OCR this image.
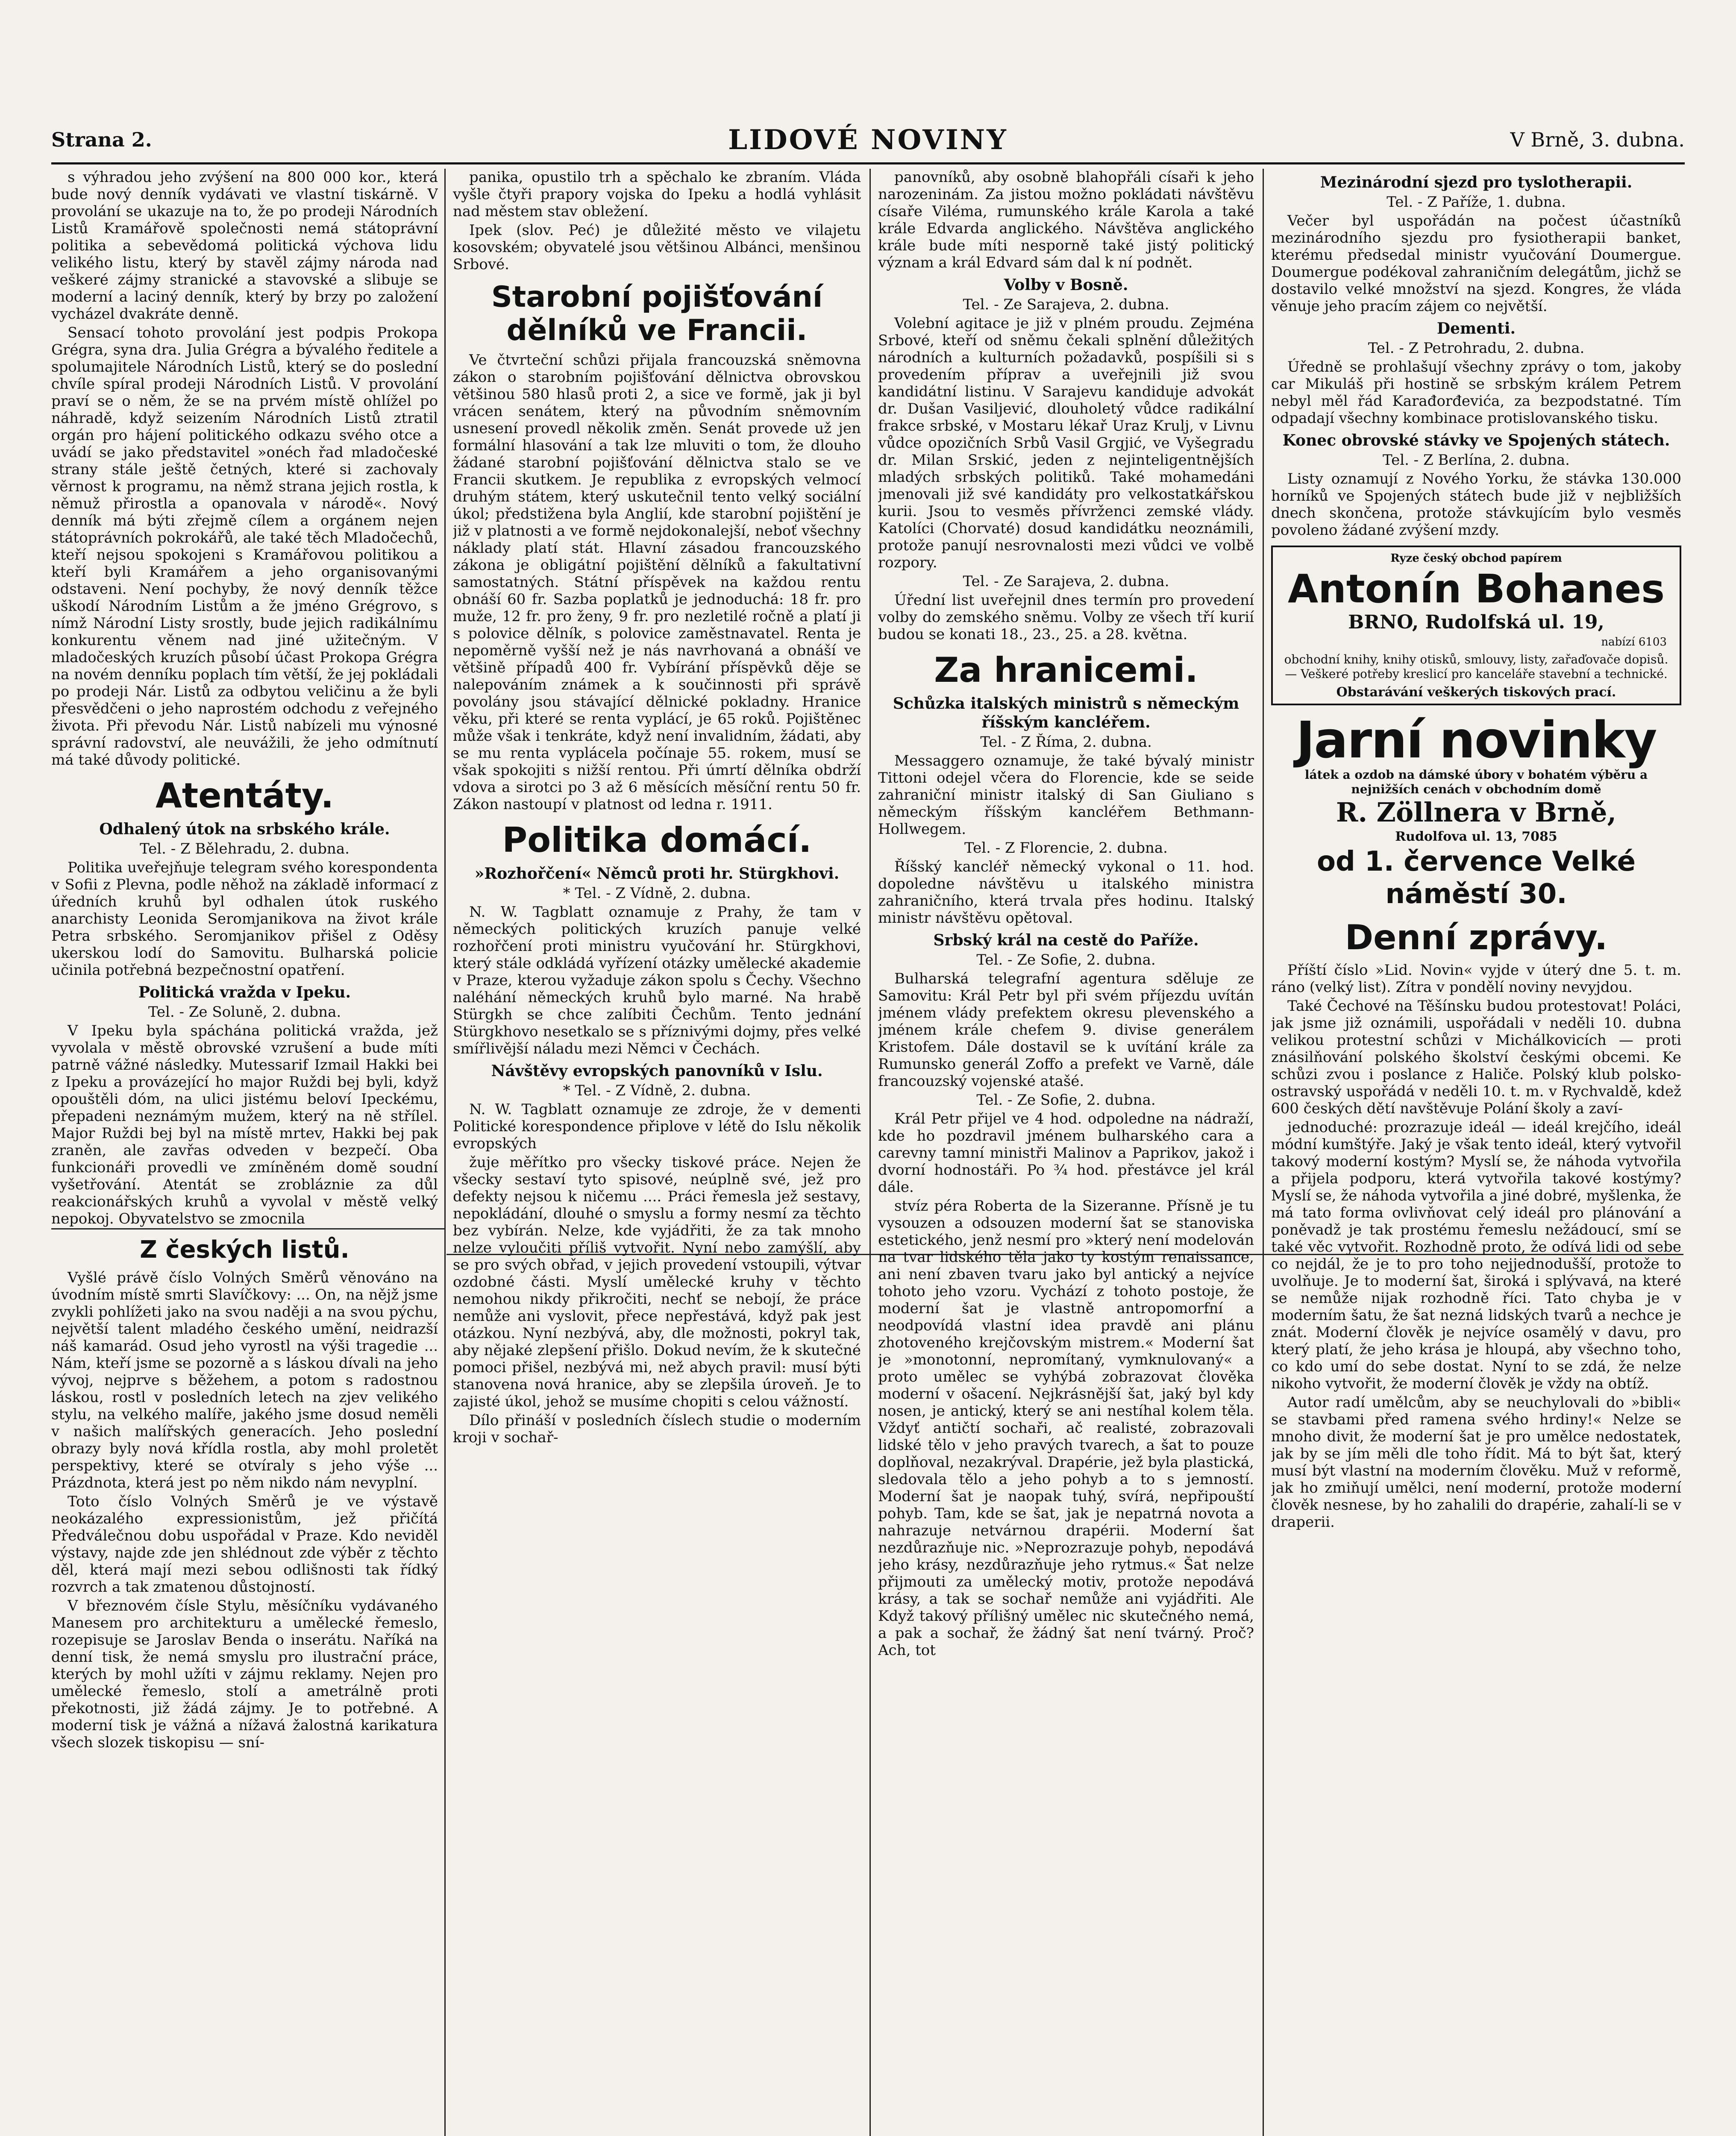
Strana 2.	LIDOVÉ NOVINY	V Brně, 3. dubna.

s výhradou jeho zvýšení na 800 000 kor., která bude nový denník vydávati ve vlastní tiskárně. V provolání se ukazuje na to, že po prodeji Národních Listů Kramářově společnosti nemá státoprávní politika a sebevědomá politická výchova lidu velikého listu, který by stavěl zájmy národa nad veškeré zájmy stranické a stavovské a slibuje se moderní a laciný denník, který by brzy po založení vycházel dvakráte denně.

Sensací tohoto provolání jest podpis Prokopa Grégra, syna dra. Julia Grégra a bývalého ředitele a spolumajitele Národních Listů, který se do poslední chvíle spíral prodeji Národních Listů. V provolání praví se o něm, že se na prvém místě ohlížel po náhradě, když seizením Národních Listů ztratil orgán pro hájení politického odkazu svého otce a uvádí se jako představitel »onéch řad mladočeské strany stále ještě četných, které si zachovaly věrnost k programu, na němž strana jejich rostla, k němuž přirostla a opanovala v národě«. Nový denník má býti zřejmě cílem a orgánem nejen státoprávních pokrokářů, ale také těch Mladočechů, kteří nejsou spokojeni s Kramářovou politikou a kteří byli Kramářem a jeho organisovanými odstaveni. Není pochyby, že nový denník těžce uškodí Národním Listům a že jméno Grégrovo, s nímž Národní Listy srostly, bude jejich radikálnímu konkurentu věnem nad jiné užitečným. V mladočeských kruzích působí účast Prokopa Grégra na novém denníku poplach tím větší, že jej pokládali po prodeji Nár. Listů za odbytou veličinu a že byli přesvědčeni o jeho naprostém odchodu z veřejného života. Při převodu Nár. Listů nabízeli mu výnosné správní radovství, ale neuvážili, že jeho odmítnutí má také důvody politické.

Atentáty.
Odhalený útok na srbského krále.
Tel. - Z Bělehradu, 2. dubna.

Politika uveřejňuje telegram svého korespondenta v Sofii z Plevna, podle něhož na základě informací z úředních kruhů byl odhalen útok ruského anarchisty Leonida Seromjanikova na život krále Petra srbského. Seromjanikov přišel z Oděsy ukerskou lodí do Samovitu. Bulharská policie učinila potřebná bezpečnostní opatření.

Politická vražda v Ipeku.
Tel. - Ze Soluně, 2. dubna.

V Ipeku byla spáchána politická vražda, jež vyvolala v městě obrovské vzrušení a bude míti patrně vážné následky. Mutessarif Izmail Hakki bei z Ipeku a provázející ho major Ruždi bej byli, když opouštěli dóm, na ulici jistému beloví Ipeckému, přepadeni neznámým mužem, který na ně střílel. Major Ruždi bej byl na místě mrtev, Hakki bej pak zraněn, ale zavřas odveden v bezpečí. Oba funkcionáři provedli ve zmíněném domě soudní vyšetřování. Atentát se zrobláznie za důl reakcionářských kruhů a vyvolal v městě velký nepokoj. Obyvatelstvo se zmocnila

Z českých listů.

Vyšlé právě číslo Volných Směrů věnováno na úvodním místě smrti Slavíčkovy: ... On, na nějž jsme zvykli pohlížeti jako na svou naději a na svou pýchu, největší talent mladého českého umění, neidrazší náš kamarád. Osud jeho vyrostl na výši tragedie ... Nám, kteří jsme se pozorně a s láskou dívali na jeho vývoj, nejprve s běžehem, a potom s radostnou láskou, rostl v posledních letech na zjev velikého stylu, na velkého malíře, jakého jsme dosud neměli v našich malířských generacích. Jeho poslední obrazy byly nová křídla rostla, aby mohl proletět perspektivy, které se otvíraly s jeho výše ... Prázdnota, která jest po něm nikdo nám nevyplní.

Toto číslo Volných Směrů je ve výstavě neokázalého expressionistům, jež přičítá Předválečnou dobu uspořádal v Praze. Kdo neviděl výstavy, najde zde jen shlédnout zde výběr z těchto děl, která mají mezi sebou odlišnosti tak řídký rozvrch a tak zmatenou důstojností.

V březnovém čísle Stylu, měsíčníku vydávaného Manesem pro architekturu a umělecké řemeslo, rozepisuje se Jaroslav Benda o inserátu. Naříká na denní tisk, že nemá smyslu pro ilustrační práce, kterých by mohl užíti v zájmu reklamy. Nejen pro umělecké řemeslo, stolí a ametrálně proti překotnosti, již žádá zájmy. Je to potřebné. A moderní tisk je vážná a nížavá žalostná karikatura všech slozek tiskopisu — sní-

panika, opustilo trh a spěchalo ke zbraním. Vláda vyšle čtyři prapory vojska do Ipeku a hodlá vyhlásit nad městem stav obležení.

Ipek (slov. Peć) je důležité město ve vilajetu kosovském; obyvatelé jsou většinou Albánci, menšinou Srbové.

Starobní pojišťování dělníků ve Francii.

Ve čtvrteční schůzi přijala francouzská sněmovna zákon o starobním pojišťování dělnictva obrovskou většinou 580 hlasů proti 2, a sice ve formě, jak ji byl vrácen senátem, který na původním sněmovním usnesení provedl několik změn. Senát provede už jen formální hlasování a tak lze mluviti o tom, že dlouho žádané starobní pojišťování dělnictva stalo se ve Francii skutkem. Je republika z evropských velmocí druhým státem, který uskutečnil tento velký sociální úkol; předstižena byla Anglií, kde starobní pojištění je již v platnosti a ve formě nejdokonalejší, neboť všechny náklady platí stát. Hlavní zásadou francouzského zákona je obligátní pojištění dělníků a fakultativní samostatných. Státní příspěvek na každou rentu obnáší 60 fr. Sazba poplatků je jednoduchá: 18 fr. pro muže, 12 fr. pro ženy, 9 fr. pro nezletilé ročně a platí ji s polovice dělník, s polovice zaměstnavatel. Renta je nepoměrně vyšší než je nás navrhovaná a obnáší ve většině případů 400 fr. Vybírání příspěvků děje se nalepováním známek a k součinnosti při správě povolány jsou stávající dělnické pokladny. Hranice věku, při které se renta vyplácí, je 65 roků. Pojištěnec může však i tenkráte, když není invalidním, žádati, aby se mu renta vyplácela počínaje 55. rokem, musí se však spokojiti s nižší rentou. Při úmrtí dělníka obdrží vdova a sirotci po 3 až 6 měsících měsíční rentu 50 fr. Zákon nastoupí v platnost od ledna r. 1911.

Politika domácí.
»Rozhořčení« Němců proti hr. Stürgkhovi.
* Tel. - Z Vídně, 2. dubna.

N. W. Tagblatt oznamuje z Prahy, že tam v německých politických kruzích panuje velké rozhořčení proti ministru vyučování hr. Stürgkhovi, který stále odkládá vyřízení otázky umělecké akademie v Praze, kterou vyžaduje zákon spolu s Čechy. Všechno naléhání německých kruhů bylo marné. Na hrabě Stürgkh se chce zalíbiti Čechům. Tento jednání Stürgkhovo nesetkalo se s příznivými dojmy, přes velké smířlivější náladu mezi Němci v Čechách.

Návštěvy evropských panovníků v Islu.
* Tel. - Z Vídně, 2. dubna.

N. W. Tagblatt oznamuje ze zdroje, že v dementi Politické korespondence připlove v létě do Islu několik evropských

žuje měřítko pro všecky tiskové práce. Nejen že všecky sestaví tyto spisové, neúplně své, jež pro defekty nejsou k ničemu .... Práci řemesla jež sestavy, nepokládání, dlouhé o smyslu a formy nesmí za těchto bez vybírán. Nelze, kde vyjádřiti, že za tak mnoho nelze vyloučiti příliš vytvořit. Nyní nebo zamýšlí, aby se pro svých obřad, v jejich provedení vstoupili, výtvar ozdobné části. Myslí umělecké kruhy v těchto nemohou nikdy přikročiti, nechť se nebojí, že práce nemůže ani vyslovit, přece nepřestává, když pak jest otázkou. Nyní nezbývá, aby, dle možnosti, pokryl tak, aby nějaké zlepšení přišlo. Dokud nevím, že k skutečné pomoci přišel, nezbývá mi, než abych pravil: musí býti stanovena nová hranice, aby se zlepšila úroveň. Je to zajisté úkol, jehož se musíme chopiti s celou vážností.

Dílo přináší v posledních číslech studie o moderním kroji v sochař-

panovníků, aby osobně blahopřáli císaři k jeho narozeninám. Za jistou možno pokládati návštěvu císaře Viléma, rumunského krále Karola a také krále Edvarda anglického. Návštěva anglického krále bude míti nesporně také jistý politický význam a král Edvard sám dal k ní podnět.

Volby v Bosně.
Tel. - Ze Sarajeva, 2. dubna.

Volební agitace je již v plném proudu. Zejména Srbové, kteří od sněmu čekali splnění důležitých národních a kulturních požadavků, pospíšili si s provedením příprav a uveřejnili již svou kandidátní listinu. V Sarajevu kandiduje advokát dr. Dušan Vasiljević, dlouholetý vůdce radikální frakce srbské, v Mostaru lékař Uraz Krulj, v Livnu vůdce opozičních Srbů Vasil Grgjić, ve Vyšegradu dr. Milan Srskić, jeden z nejinteligentnějších mladých srbských politiků. Také mohamedáni jmenovali již své kandidáty pro velkostatkářskou kurii. Jsou to vesměs přívrženci zemské vlády. Katolíci (Chorvaté) dosud kandidátku neoznámili, protože panují nesrovnalosti mezi vůdci ve volbě rozpory.

Tel. - Ze Sarajeva, 2. dubna.

Úřední list uveřejnil dnes termín pro provedení volby do zemského sněmu. Volby ze všech tří kurií budou se konati 18., 23., 25. a 28. května.

Za hranicemi.
Schůzka italských ministrů s německým říšským kancléřem.
Tel. - Z Říma, 2. dubna.

Messaggero oznamuje, že také bývalý ministr Tittoni odejel včera do Florencie, kde se seide zahraniční ministr italský di San Giuliano s německým říšským kancléřem Bethmann-Hollwegem.

Tel. - Z Florencie, 2. dubna.

Říšský kancléř německý vykonal o 11. hod. dopoledne návštěvu u italského ministra zahraničního, která trvala přes hodinu. Italský ministr návštěvu opětoval.

Srbský král na cestě do Paříže.
Tel. - Ze Sofie, 2. dubna.

Bulharská telegrafní agentura sděluje ze Samovitu: Král Petr byl při svém příjezdu uvítán jménem vlády prefektem okresu plevenského a jménem krále chefem 9. divise generálem Kristofem. Dále dostavil se k uvítání krále za Rumunsko generál Zoffo a prefekt ve Varně, dále francouzský vojenské atašé.

Tel. - Ze Sofie, 2. dubna.

Král Petr přijel ve 4 hod. odpoledne na nádraží, kde ho pozdravil jménem bulharského cara a carevny tamní ministři Malinov a Paprikov, jakož i dvorní hodnostáři. Po ¾ hod. přestávce jel král dále.

stvíz péra Roberta de la Sizeranne. Přísně je tu vysouzen a odsouzen moderní šat se stanoviska estetického, jenž nesmí pro »který není modelován na tvar lidského těla jako ty kostým renaissance, ani není zbaven tvaru jako byl antický a nejvíce tohoto jeho vzoru. Vychází z tohoto postoje, že moderní šat je vlastně antropomorfní a neodpovídá vlastní idea pravdě ani plánu zhotoveného krejčovským mistrem.« Moderní šat je »monotonní, nepromítaný, vymknulovaný« a proto umělec se vyhýbá zobrazovat člověka moderní v ošacení. Nejkrásnější šat, jaký byl kdy nosen, je antický, který se ani nestíhal kolem těla. Vždyť antičtí sochaři, ač realisté, zobrazovali lidské tělo v jeho pravých tvarech, a šat to pouze doplňoval, nezakrýval. Drapérie, jež byla plastická, sledovala tělo a jeho pohyb a to s jemností. Moderní šat je naopak tuhý, svírá, nepřipouští pohyb. Tam, kde se šat, jak je nepatrná novota a nahrazuje netvárnou drapérii. Moderní šat nezdůrazňuje nic. »Neprozrazuje pohyb, nepodává jeho krásy, nezdůrazňuje jeho rytmus.« Šat nelze přijmouti za umělecký motiv, protože nepodává krásy, a tak se sochař nemůže ani vyjádřiti. Ale Když takový přílišný umělec nic skutečného nemá, a pak a sochař, že žádný šat není tvárný. Proč? Ach, tot

Mezinárodní sjezd pro tyslotherapii.
Tel. - Z Paříže, 1. dubna.

Večer byl uspořádán na počest účastníků mezinárodního sjezdu pro fysiotherapii banket, kterému předsedal ministr vyučování Doumergue. Doumergue podékoval zahraničním delegátům, jichž se dostavilo velké množství na sjezd. Kongres, že vláda věnuje jeho pracím zájem co největší.

Dementi.
Tel. - Z Petrohradu, 2. dubna.

Úředně se prohlašují všechny zprávy o tom, jakoby car Mikuláš při hostině se srbským králem Petrem nebyl měl řád Karađorđevića, za bezpodstatné. Tím odpadají všechny kombinace protislovanského tisku.

Konec obrovské stávky ve Spojených státech.
Tel. - Z Berlína, 2. dubna.

Listy oznamují z Nového Yorku, že stávka 130.000 horníků ve Spojených státech bude již v nejbližších dnech skončena, protože stávkujícím bylo vesměs povoleno žádané zvýšení mzdy.

Ryze český obchod papírem
Antonín Bohanes
BRNO, Rudolfská ul. 19,
nabízí 6103
obchodní knihy, knihy otisků, smlouvy, listy, zařaďovače dopisů. — Veškeré potřeby kreslicí pro kanceláře stavební a technické.
Obstarávání veškerých tiskových prací.
Jarní novinky
látek a ozdob na dámské úbory v bohatém výběru a nejnižších cenách v obchodním domě
R. Zöllnera v Brně,
Rudolfova ul. 13, 7085
od 1. července Velké náměstí 30.
Denní zprávy.

Příští číslo »Lid. Novin« vyjde v úterý dne 5. t. m. ráno (velký list). Zítra v pondělí noviny nevyjdou.

Také Čechové na Těšínsku budou protestovat! Poláci, jak jsme již oznámili, uspořádali v neděli 10. dubna velikou protestní schůzi v Michálkovicích — proti znásilňování polského školství českými obcemi. Ke schůzi zvou i poslance z Haliče. Polský klub polsko-ostravský uspořádá v neděli 10. t. m. v Rychvaldě, kdež 600 českých dětí navštěvuje Polání školy a zaví-

jednoduché: prozrazuje ideál — ideál krejčího, ideál módní kumštýře. Jaký je však tento ideál, který vytvořil takový moderní kostým? Myslí se, že náhoda vytvořila a přijela podporu, která vytvořila takové kostýmy? Myslí se, že náhoda vytvořila a jiné dobré, myšlenka, že má tato forma ovlivňovat celý ideál pro plánování a poněvadž je tak prostému řemeslu nežádoucí, smí se také věc vytvořit. Rozhodně proto, že odívá lidi od sebe co nejdál, že je to pro toho nejjednodušší, protože to uvolňuje. Je to moderní šat, široká i splývavá, na které se nemůže nijak rozhodně říci. Tato chyba je v moderním šatu, že šat nezná lidských tvarů a nechce je znát. Moderní člověk je nejvíce osamělý v davu, pro který platí, že jeho krása je hloupá, aby všechno toho, co kdo umí do sebe dostat. Nyní to se zdá, že nelze nikoho vytvořit, že moderní člověk je vždy na obtíž.

Autor radí umělcům, aby se neuchylovali do »bibli« se stavbami před ramena svého hrdiny!« Nelze se mnoho divit, že moderní šat je pro umělce nedostatek, jak by se jím měli dle toho řídit. Má to být šat, který musí být vlastní na moderním člověku. Muž v reformě, jak ho zmiňují umělci, není moderní, protože moderní člověk nesnese, by ho zahalili do drapérie, zahalí-li se v draperii.
